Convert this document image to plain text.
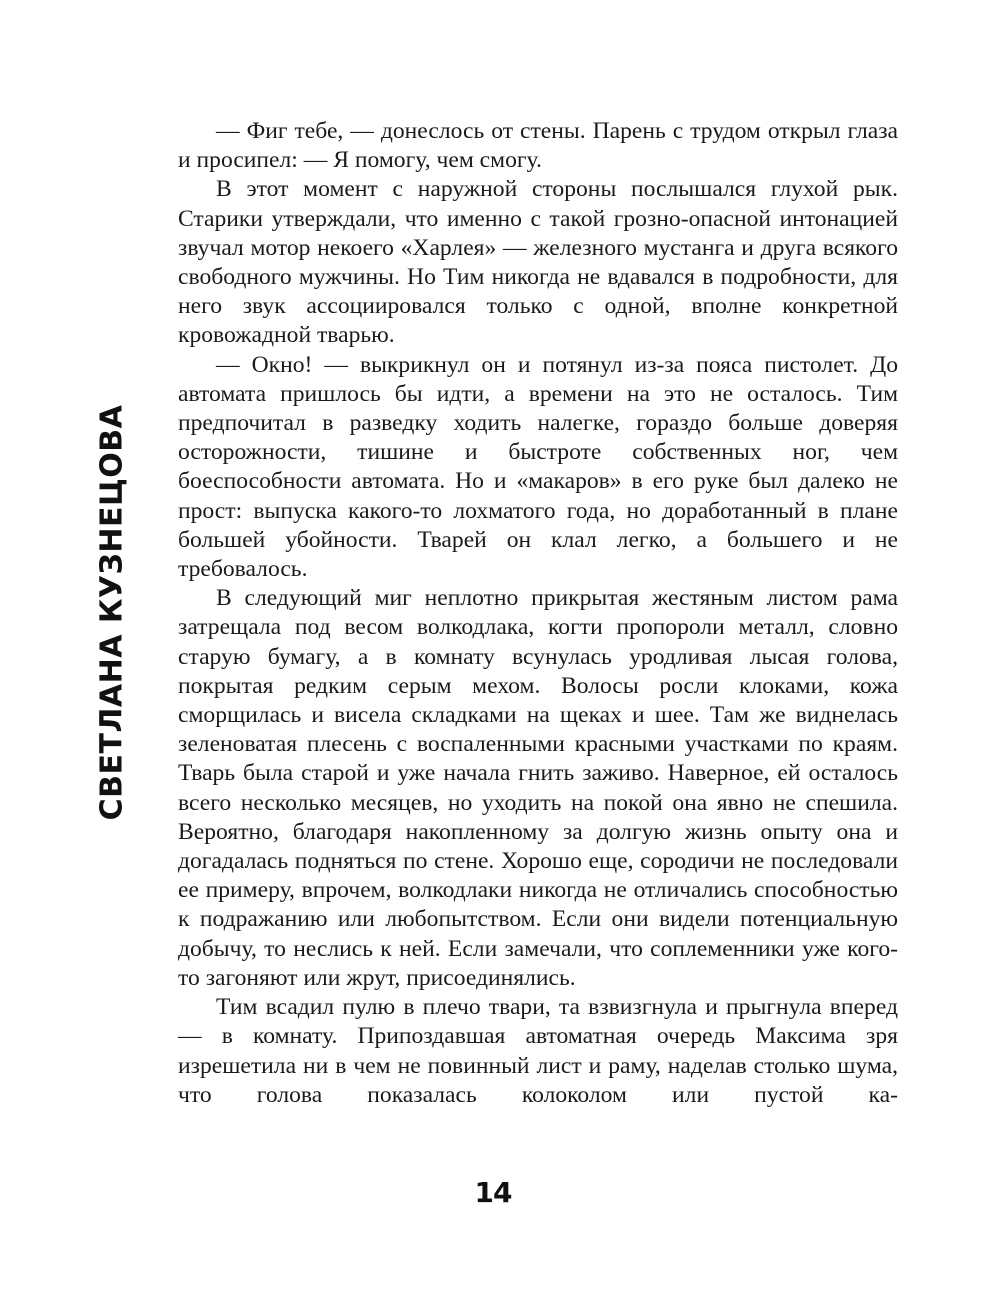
СВЕТЛАНА КУЗНЕЦОВА

— Фиг тебе, — донеслось от стены. Парень с трудом открыл глаза и просипел: — Я помогу, чем смогу.

В этот момент с наружной стороны послышался глухой рык. Старики утверждали, что именно с такой грозно-опасной интонацией звучал мотор некоего «Харлея» — железного мустанга и друга всякого свободного мужчины. Но Тим никогда не вдавался в подробности, для него звук ассоциировался только с одной, вполне конкретной кровожадной тварью.

— Окно! — выкрикнул он и потянул из-за пояса пистолет. До автомата пришлось бы идти, а времени на это не осталось. Тим предпочитал в разведку ходить налегке, гораздо больше доверяя осторожности, тишине и быстроте собственных ног, чем боеспособности автомата. Но и «макаров» в его руке был далеко не прост: выпуска какого-то лохматого года, но доработанный в плане большей убойности. Тварей он клал легко, а большего и не требовалось.

В следующий миг неплотно прикрытая жестяным листом рама затрещала под весом волкодлака, когти пропороли металл, словно старую бумагу, а в комнату всунулась уродливая лысая голова, покрытая редким серым мехом. Волосы росли клоками, кожа сморщилась и висела складками на щеках и шее. Там же виднелась зеленоватая плесень с воспаленными красными участками по краям. Тварь была старой и уже начала гнить заживо. Наверное, ей осталось всего несколько месяцев, но уходить на покой она явно не спешила. Вероятно, благодаря накопленному за долгую жизнь опыту она и догадалась подняться по стене. Хорошо еще, сородичи не последовали ее примеру, впрочем, волкодлаки никогда не отличались способностью к подражанию или любопытством. Если они видели потенциальную добычу, то неслись к ней. Если замечали, что соплеменники уже кого-то загоняют или жрут, присоединялись.

Тим всадил пулю в плечо твари, та взвизгнула и прыгнула вперед — в комнату. Припоздавшая автоматная очередь Максима зря изрешетила ни в чем не повинный лист и раму, наделав столько шума, что голова показалась колоколом или пустой ка-

14
